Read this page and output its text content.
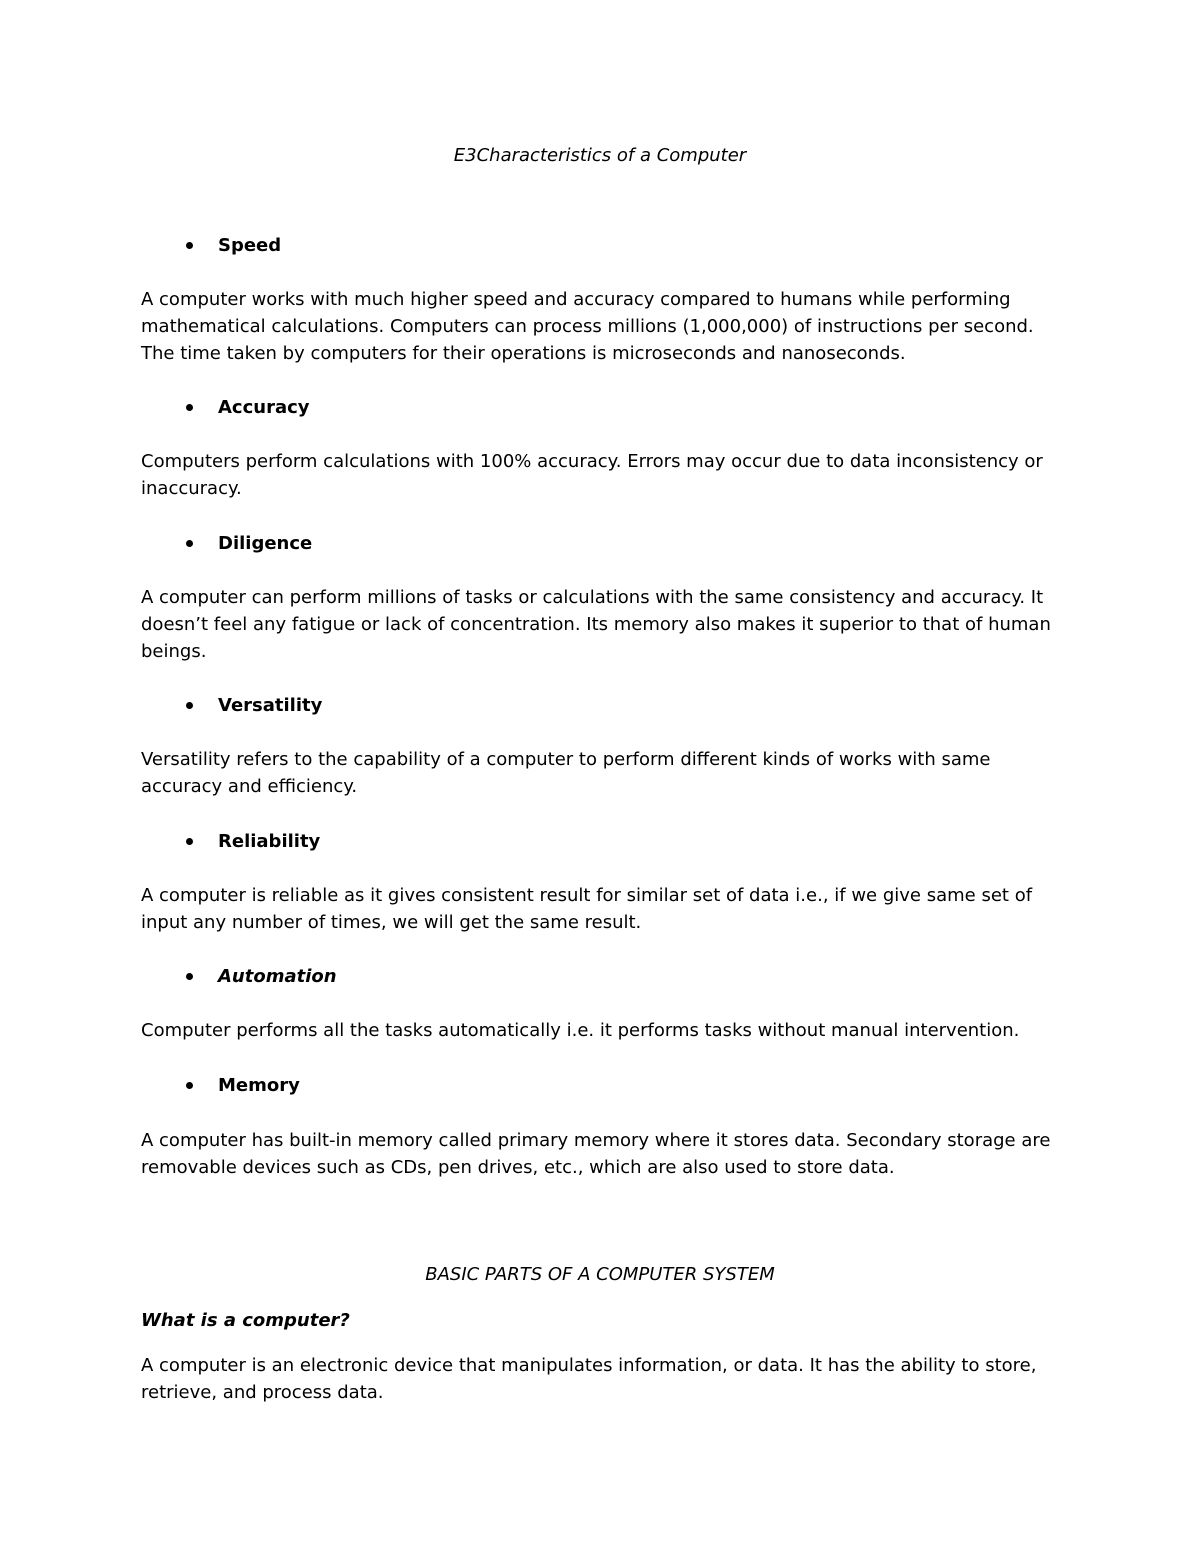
E3Characteristics of a Computer

Speed

A computer works with much higher speed and accuracy compared to humans while performing mathematical calculations. Computers can process millions (1,000,000) of instructions per second. The time taken by computers for their operations is microseconds and nanoseconds.

Accuracy

Computers perform calculations with 100% accuracy. Errors may occur due to data inconsistency or inaccuracy.

Diligence

A computer can perform millions of tasks or calculations with the same consistency and accuracy. It doesn’t feel any fatigue or lack of concentration. Its memory also makes it superior to that of human beings.

Versatility

Versatility refers to the capability of a computer to perform different kinds of works with same accuracy and efficiency.

Reliability

A computer is reliable as it gives consistent result for similar set of data i.e., if we give same set of input any number of times, we will get the same result.

Automation

Computer performs all the tasks automatically i.e. it performs tasks without manual intervention.

Memory

A computer has built-in memory called primary memory where it stores data. Secondary storage are removable devices such as CDs, pen drives, etc., which are also used to store data.

BASIC PARTS OF A COMPUTER SYSTEM

What is a computer?

A computer is an electronic device that manipulates information, or data. It has the ability to store, retrieve, and process data.
